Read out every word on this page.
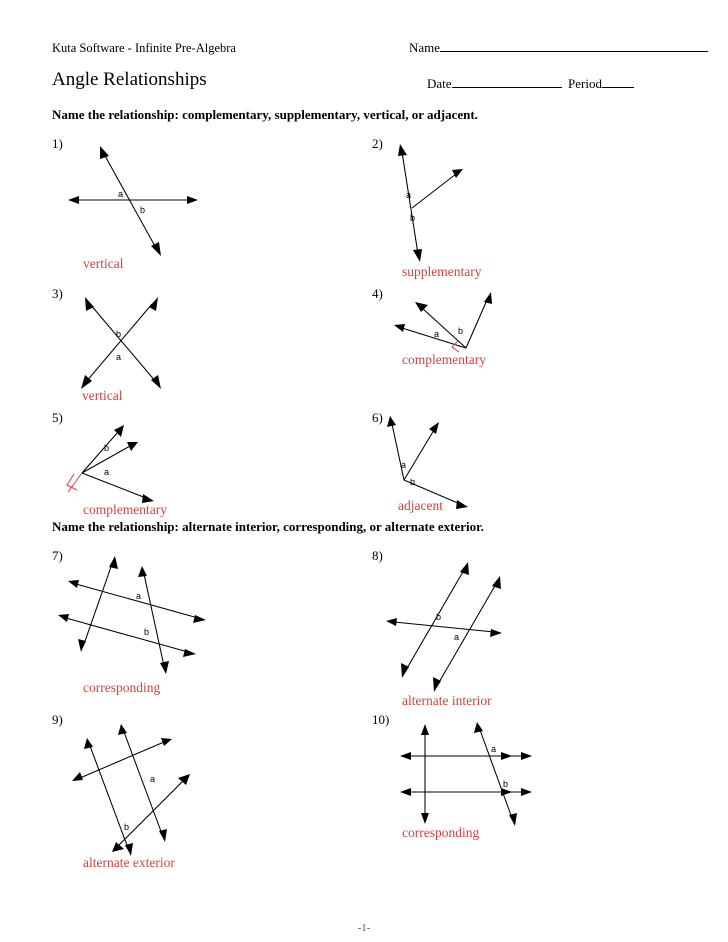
Kuta Software - Infinite Pre-Algebra	Name
Angle Relationships	Date	Period
Name the relationship: complementary, supplementary, vertical, or adjacent.
1)
a
b
vertical
2)
a
b
supplementary
3)
b
a
vertical
4)
a b
complementary
5)
b
a
complementary
6)
a
b
adjacent
Name the relationship: alternate interior, corresponding, or alternate exterior.
7)
a
b
corresponding
8)
b
a
alternate interior
9)
a
b
alternate exterior
10)
a
b
corresponding
-1-
